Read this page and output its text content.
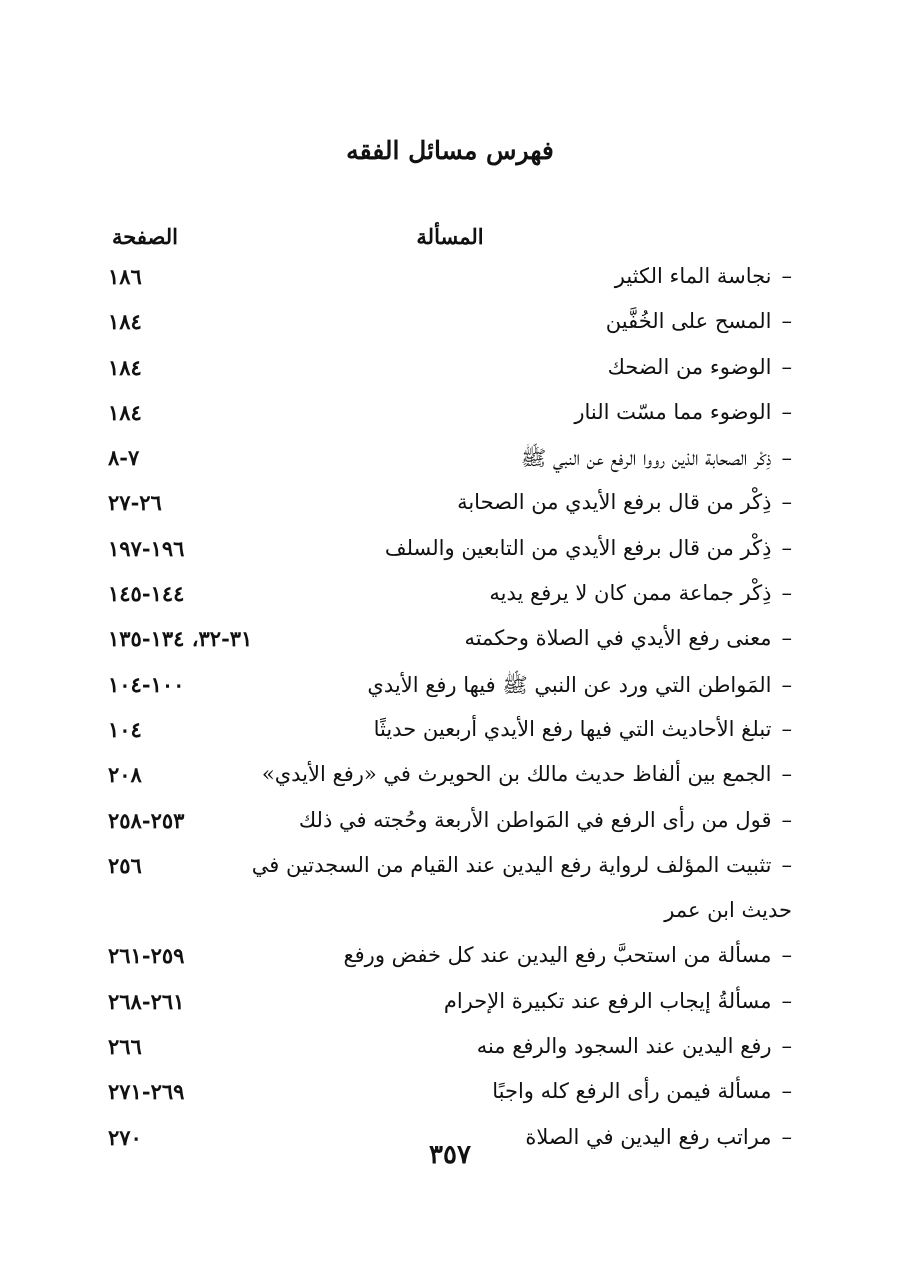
فهرس مسائل الفقه
المسألة
الصفحة
–نجاسة الماء الكثير
١٨٦
–المسح على الخُفَّين
١٨٤
–الوضوء من الضحك
١٨٤
–الوضوء مما مسّت النار
١٨٤
–ذِكْر الصحابة الذين رووا الرفع عن النبي ﷺ
٧-٨
–ذِكْر من قال برفع الأيدي من الصحابة
٢٦-٢٧
–ذِكْر من قال برفع الأيدي من التابعين والسلف
١٩٦-١٩٧
–ذِكْر جماعة ممن كان لا يرفع يديه
١٤٤-١٤٥
–معنى رفع الأيدي في الصلاة وحكمته
٣١-٣٢، ١٣٤-١٣٥
–المَواطن التي ورد عن النبي ﷺ فيها رفع الأيدي
١٠٠-١٠٤
–تبلغ الأحاديث التي فيها رفع الأيدي أربعين حديثًا
١٠٤
–الجمع بين ألفاظ حديث مالك بن الحويرث في «رفع الأيدي»
٢٠٨
–قول من رأى الرفع في المَواطن الأربعة وحُجته في ذلك
٢٥٣-٢٥٨
–تثبيت المؤلف لرواية رفع اليدين عند القيام من السجدتين في
٢٥٦
حديث ابن عمر
–مسألة من استحبَّ رفع اليدين عند كل خفض ورفع
٢٥٩-٢٦١
–مسألةُ إيجاب الرفع عند تكبيرة الإحرام
٢٦١-٢٦٨
–رفع اليدين عند السجود والرفع منه
٢٦٦
–مسألة فيمن رأى الرفع كله واجبًا
٢٦٩-٢٧١
–مراتب رفع اليدين في الصلاة
٢٧٠
٣٥٧
